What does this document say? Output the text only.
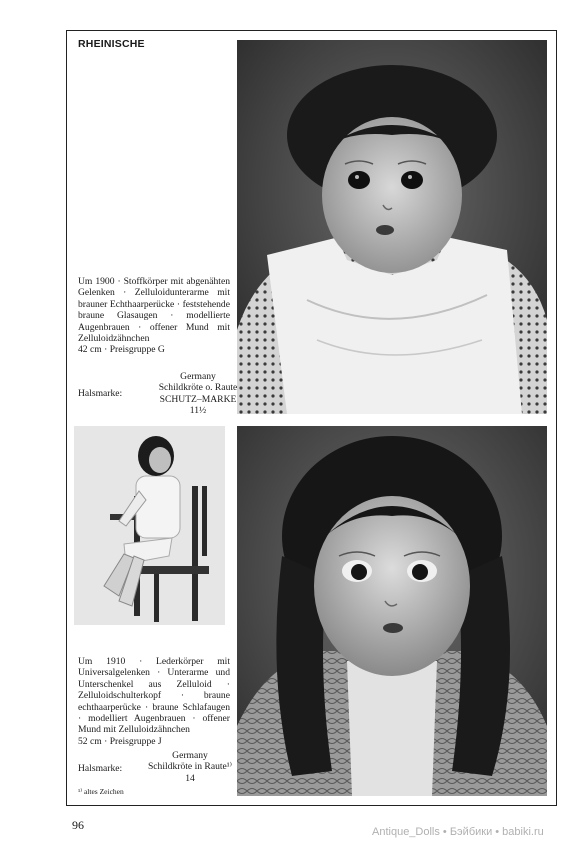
RHEINISCHE
Um 1900 · Stoffkörper mit abgenähten Gelenken · Zelluloidunterarme mit brauner Echthaarperücke · feststehende braune Glasaugen · modellierte Augenbrauen · offener Mund mit Zelluloidzähnchen
42 cm · Preisgruppe G
Halsmarke:
Germany
Schildkröte o. Raute
SCHUTZ–MARKE
11½
Um 1910 · Lederkörper mit Universalgelenken · Unterarme und Unterschenkel aus Zelluloid · Zelluloidschulterkopf · braune echthaarperücke · braune Schlafaugen · modelliert Augenbrauen · offener Mund mit Zelluloidzähnchen
52 cm · Preisgruppe J
Halsmarke:
Germany
Schildkröte in Raute¹⁾
14
¹⁾ altes Zeichen
96	Antique_Dolls • Бэйбики • babiki.ru
